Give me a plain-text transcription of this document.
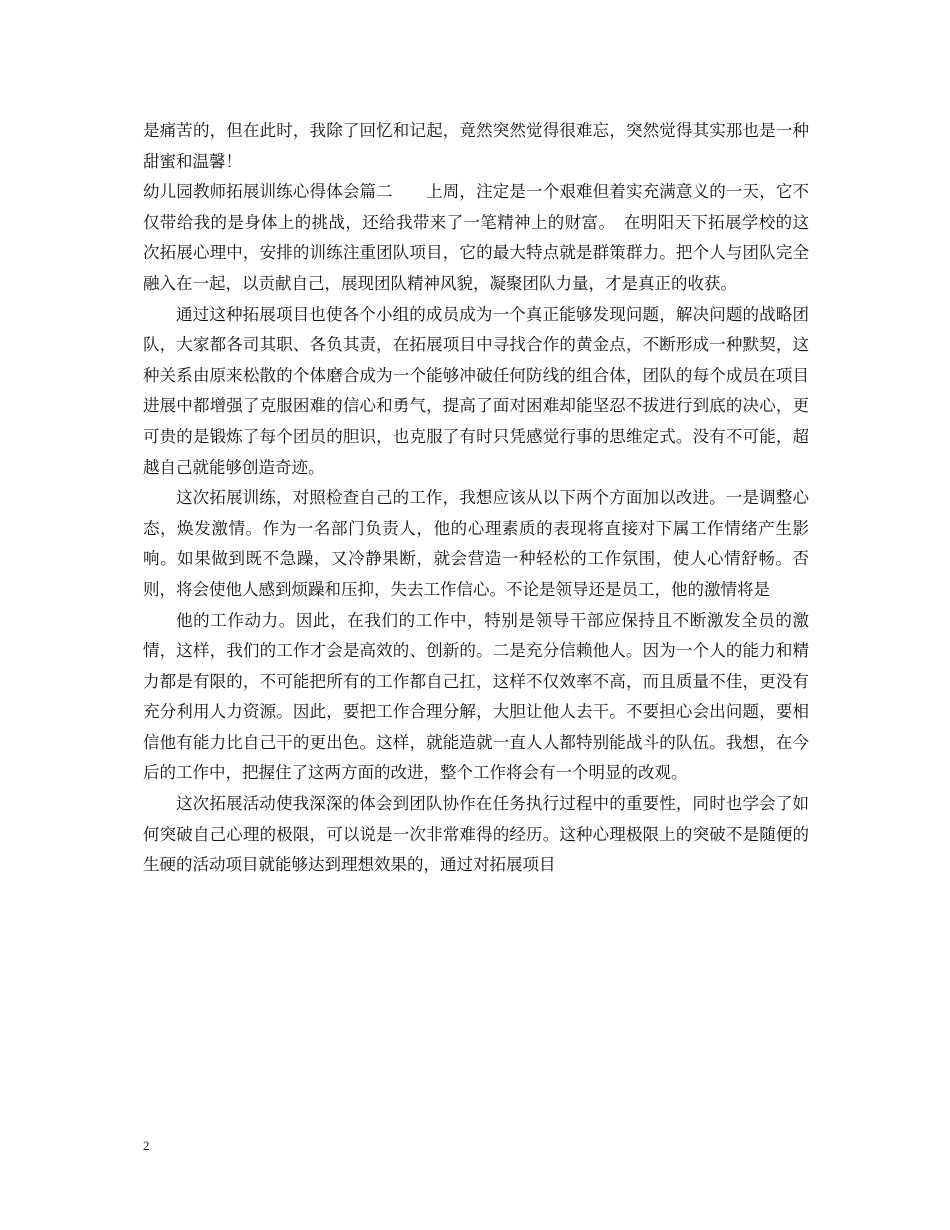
是痛苦的，但在此时，我除了回忆和记起，竟然突然觉得很难忘，突然觉得其实那也是一种甜蜜和温馨！

幼儿园教师拓展训练心得体会篇二　　上周，注定是一个艰难但着实充满意义的一天，它不仅带给我的是身体上的挑战，还给我带来了一笔精神上的财富。　在明阳天下拓展学校的这次拓展心理中，安排的训练注重团队项目，它的最大特点就是群策群力。把个人与团队完全融入在一起，以贡献自己，展现团队精神风貌，凝聚团队力量，才是真正的收获。

通过这种拓展项目也使各个小组的成员成为一个真正能够发现问题，解决问题的战略团队，大家都各司其职、各负其责，在拓展项目中寻找合作的黄金点，不断形成一种默契，这种关系由原来松散的个体磨合成为一个能够冲破任何防线的组合体，团队的每个成员在项目进展中都增强了克服困难的信心和勇气，提高了面对困难却能坚忍不拔进行到底的决心，更可贵的是锻炼了每个团员的胆识，也克服了有时只凭感觉行事的思维定式。没有不可能，超越自己就能够创造奇迹。

这次拓展训练，对照检查自己的工作，我想应该从以下两个方面加以改进。一是调整心态，焕发激情。作为一名部门负责人，他的心理素质的表现将直接对下属工作情绪产生影响。如果做到既不急躁，又冷静果断，就会营造一种轻松的工作氛围，使人心情舒畅。否则，将会使他人感到烦躁和压抑，失去工作信心。不论是领导还是员工，他的激情将是

他的工作动力。因此，在我们的工作中，特别是领导干部应保持且不断激发全员的激情，这样，我们的工作才会是高效的、创新的。二是充分信赖他人。因为一个人的能力和精力都是有限的，不可能把所有的工作都自己扛，这样不仅效率不高，而且质量不佳，更没有充分利用人力资源。因此，要把工作合理分解，大胆让他人去干。不要担心会出问题，要相信他有能力比自己干的更出色。这样，就能造就一直人人都特别能战斗的队伍。我想，在今后的工作中，把握住了这两方面的改进，整个工作将会有一个明显的改观。

这次拓展活动使我深深的体会到团队协作在任务执行过程中的重要性，同时也学会了如何突破自己心理的极限，可以说是一次非常难得的经历。这种心理极限上的突破不是随便的生硬的活动项目就能够达到理想效果的，通过对拓展项目

2
